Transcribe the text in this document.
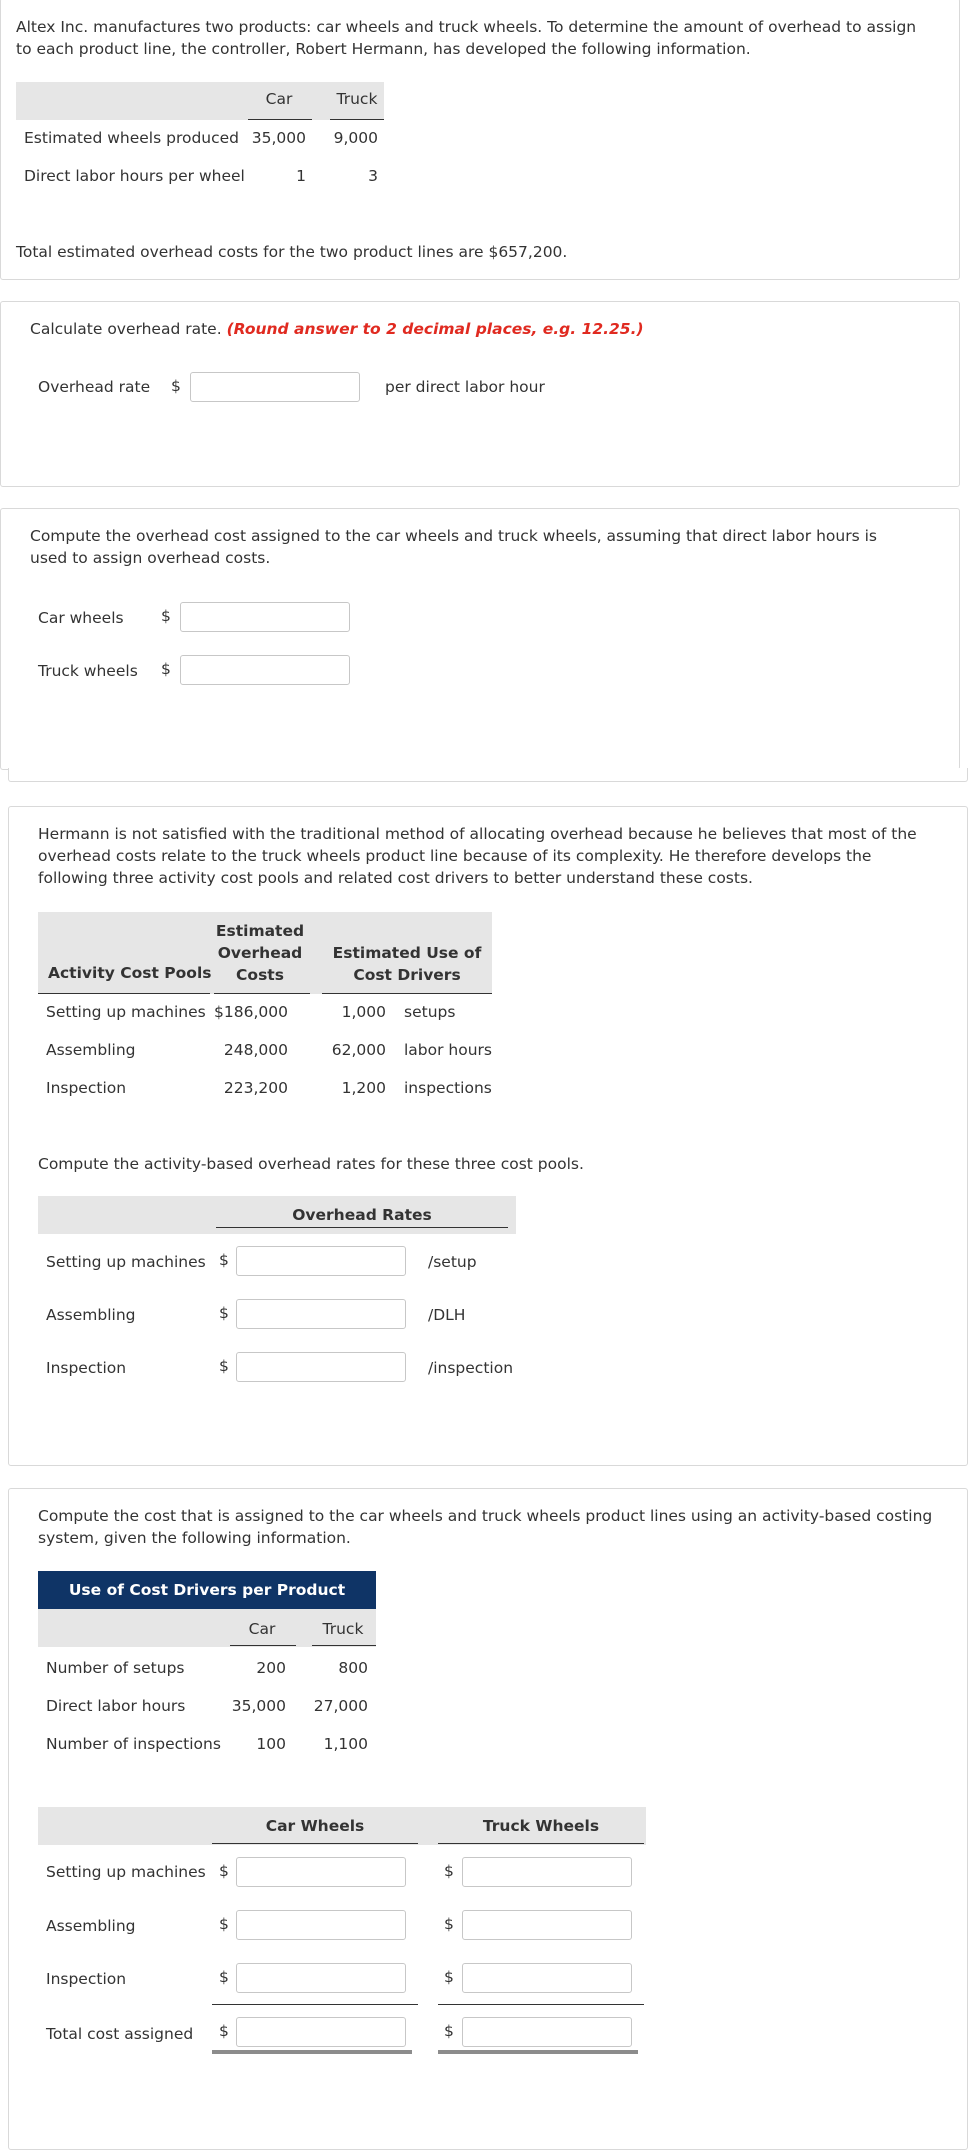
Altex Inc. manufactures two products: car wheels and truck wheels. To determine the amount of overhead to assign to each product line, the controller, Robert Hermann, has developed the following information.
Car	Truck
Estimated wheels produced 35,000	9,000
Direct labor hours per wheel	1	3
Total estimated overhead costs for the two product lines are $657,200.
Calculate overhead rate. (Round answer to 2 decimal places, e.g. 12.25.)
Overhead rate $	per direct labor hour
Compute the overhead cost assigned to the car wheels and truck wheels, assuming that direct labor hours is used to assign overhead costs.
Car wheels $
Truck wheels $
Hermann is not satisfied with the traditional method of allocating overhead because he believes that most of the overhead costs relate to the truck wheels product line because of its complexity. He therefore develops the following three activity cost pools and related cost drivers to better understand these costs.
Activity Cost Pools
Estimated
Overhead
Costs
Estimated Use of
Cost Drivers
Setting up machines $186,000	1,000 setups
Assembling	248,000	62,000 labor hours
Inspection	223,200	1,200 inspections
Compute the activity-based overhead rates for these three cost pools.
Overhead Rates
Setting up machines $	/setup
Assembling	$	/DLH
Inspection	$	/inspection
Compute the cost that is assigned to the car wheels and truck wheels product lines using an activity-based costing system, given the following information.
Use of Cost Drivers per Product
Car	Truck
Number of setups	200	800
Direct labor hours	35,000	27,000
Number of inspections	100	1,100
Car Wheels	Truck Wheels
Setting up machines $	$
Assembling	$	$
Inspection	$	$
Total cost assigned $	$
